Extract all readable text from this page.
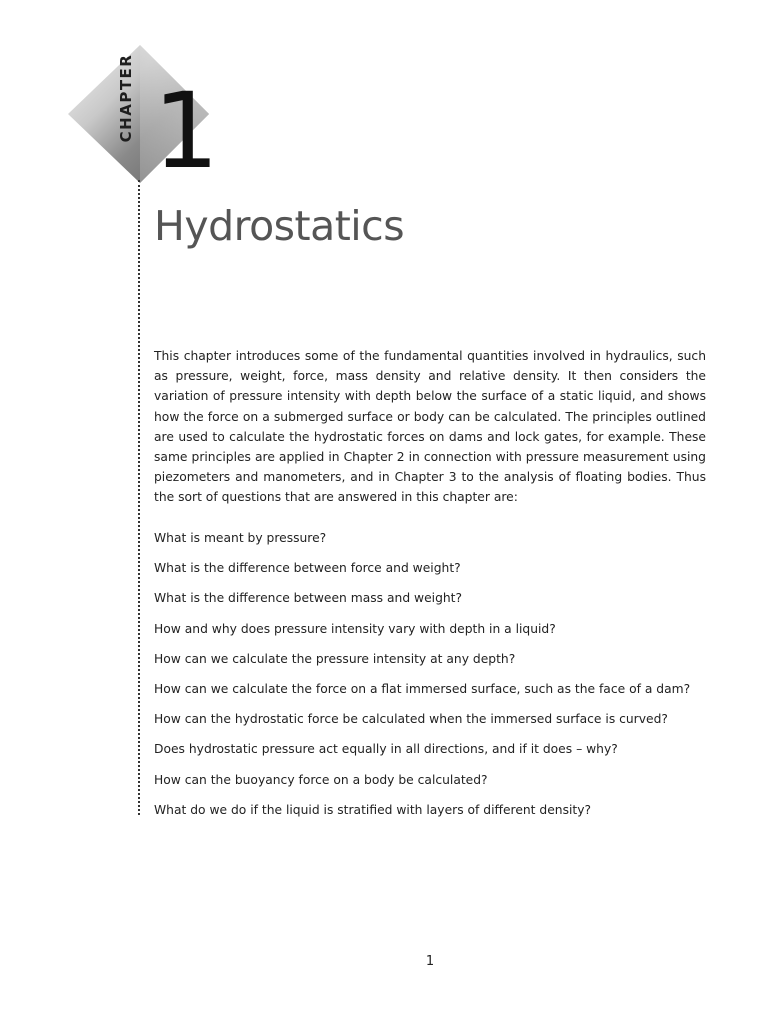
CHAPTER 1
Hydrostatics

This chapter introduces some of the fundamental quantities involved in hydraulics, such as pressure, weight, force, mass density and relative density. It then considers the variation of pressure intensity with depth below the surface of a static liquid, and shows how the force on a submerged surface or body can be calculated. The principles outlined are used to calculate the hydrostatic forces on dams and lock gates, for example. These same principles are applied in Chapter 2 in connection with pressure measurement using piezometers and manometers, and in Chapter 3 to the analysis of floating bodies. Thus the sort of questions that are answered in this chapter are:

What is meant by pressure?
What is the difference between force and weight?
What is the difference between mass and weight?
How and why does pressure intensity vary with depth in a liquid?
How can we calculate the pressure intensity at any depth?
How can we calculate the force on a flat immersed surface, such as the face of a dam?
How can the hydrostatic force be calculated when the immersed surface is curved?
Does hydrostatic pressure act equally in all directions, and if it does – why?
How can the buoyancy force on a body be calculated?
What do we do if the liquid is stratified with layers of different density?
1
